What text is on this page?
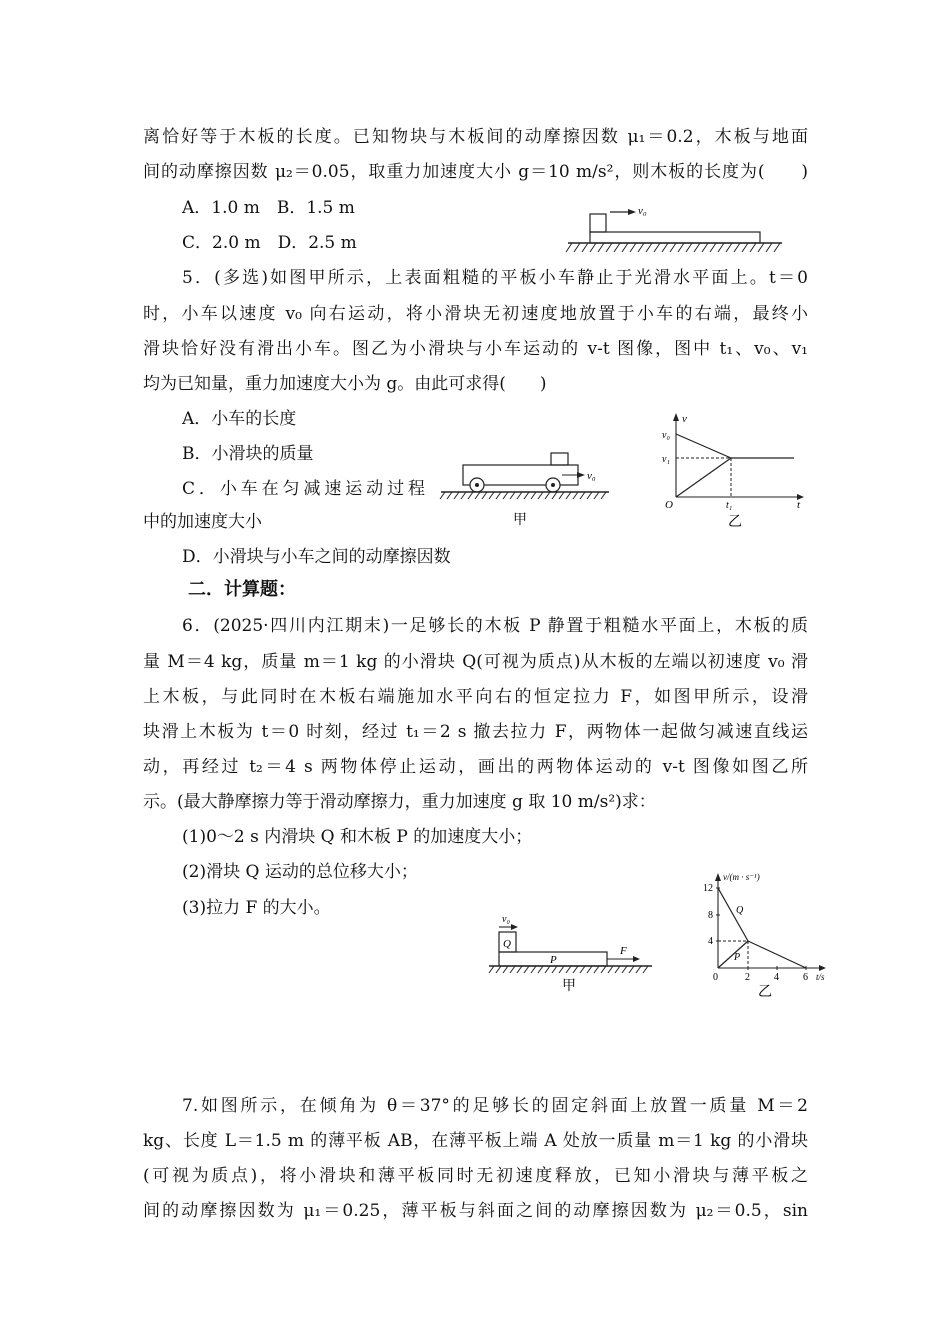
离恰好等于木板的长度。已知物块与木板间的动摩擦因数 μ₁＝0.2，木板与地面
间的动摩擦因数 μ₂＝0.05，取重力加速度大小 g＝10 m/s²，则木板的长度为(　　)
A．1.0 m　B．1.5 m
C．2.0 m　D．2.5 m
v₀
5．(多选)如图甲所示，上表面粗糙的平板小车静止于光滑水平面上。t＝0
时，小车以速度 v₀ 向右运动，将小滑块无初速度地放置于小车的右端，最终小
滑块恰好没有滑出小车。图乙为小滑块与小车运动的 v-t 图像，图中 t₁、v₀、v₁
均为已知量，重力加速度大小为 g。由此可求得(　　)
A．小车的长度
B．小滑块的质量
C．小车在匀减速运动过程
中的加速度大小
D．小滑块与小车之间的动摩擦因数
v₀
甲
v
v₀
v₁
O	t₁	t
乙
二．计算题：
6．(2025·四川内江期末)一足够长的木板 P 静置于粗糙水平面上，木板的质
量 M＝4 kg，质量 m＝1 kg 的小滑块 Q(可视为质点)从木板的左端以初速度 v₀ 滑
上木板，与此同时在木板右端施加水平向右的恒定拉力 F，如图甲所示，设滑
块滑上木板为 t＝0 时刻，经过 t₁＝2 s 撤去拉力 F，两物体一起做匀减速直线运
动，再经过 t₂＝4 s 两物体停止运动，画出的两物体运动的 v-t 图像如图乙所
示。(最大静摩擦力等于滑动摩擦力，重力加速度 g 取 10 m/s²)求：
(1)0～2 s 内滑块 Q 和木板 P 的加速度大小；
(2)滑块 Q 运动的总位移大小；
(3)拉力 F 的大小。
v₀
Q
P
F
甲
v/(m · s⁻¹)
12
8
4
0	2 4 6 t/s
Q
P
乙
7.如图所示，在倾角为 θ＝37°的足够长的固定斜面上放置一质量 M＝2
kg、长度 L＝1.5 m 的薄平板 AB，在薄平板上端 A 处放一质量 m＝1 kg 的小滑块
(可视为质点)，将小滑块和薄平板同时无初速度释放，已知小滑块与薄平板之
间的动摩擦因数为 μ₁＝0.25，薄平板与斜面之间的动摩擦因数为 μ₂＝0.5，sin
